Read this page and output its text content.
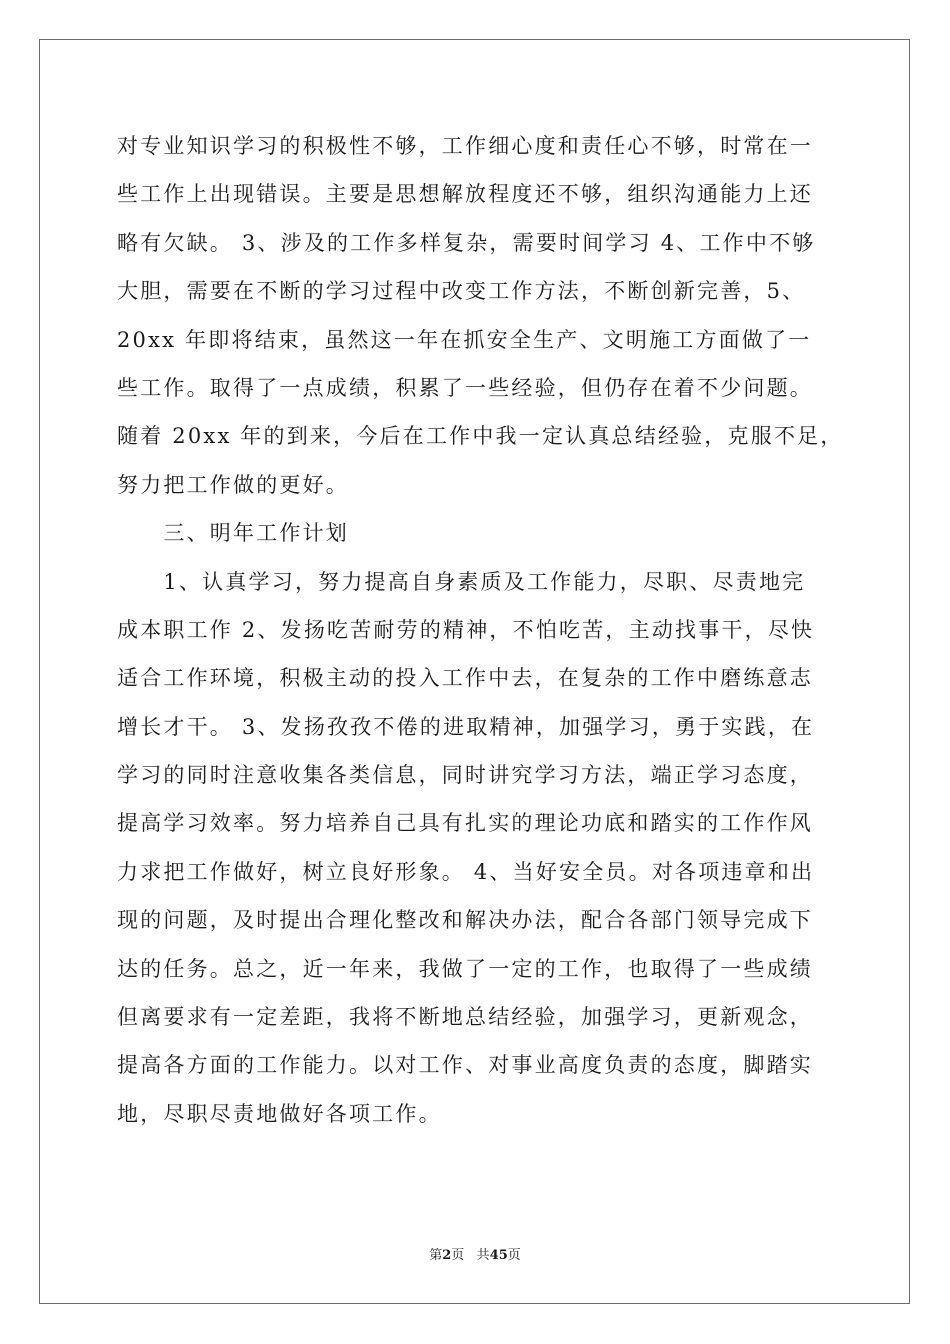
对专业知识学习的积极性不够，工作细心度和责任心不够，时常在一
些工作上出现错误。主要是思想解放程度还不够，组织沟通能力上还
略有欠缺。 3、涉及的工作多样复杂，需要时间学习 4、工作中不够
大胆，需要在不断的学习过程中改变工作方法，不断创新完善，5、
20xx 年即将结束，虽然这一年在抓安全生产、文明施工方面做了一
些工作。取得了一点成绩，积累了一些经验，但仍存在着不少问题。
随着 20xx 年的到来，今后在工作中我一定认真总结经验，克服不足，
努力把工作做的更好。
　　三、明年工作计划
　　1、认真学习，努力提高自身素质及工作能力，尽职、尽责地完
成本职工作 2、发扬吃苦耐劳的精神，不怕吃苦，主动找事干，尽快
适合工作环境，积极主动的投入工作中去，在复杂的工作中磨练意志
增长才干。 3、发扬孜孜不倦的进取精神，加强学习，勇于实践，在
学习的同时注意收集各类信息，同时讲究学习方法，端正学习态度，
提高学习效率。努力培养自己具有扎实的理论功底和踏实的工作作风
力求把工作做好，树立良好形象。 4、当好安全员。对各项违章和出
现的问题，及时提出合理化整改和解决办法，配合各部门领导完成下
达的任务。总之，近一年来，我做了一定的工作，也取得了一些成绩
但离要求有一定差距，我将不断地总结经验，加强学习，更新观念，
提高各方面的工作能力。以对工作、对事业高度负责的态度，脚踏实
地，尽职尽责地做好各项工作。
第2页 共45页
